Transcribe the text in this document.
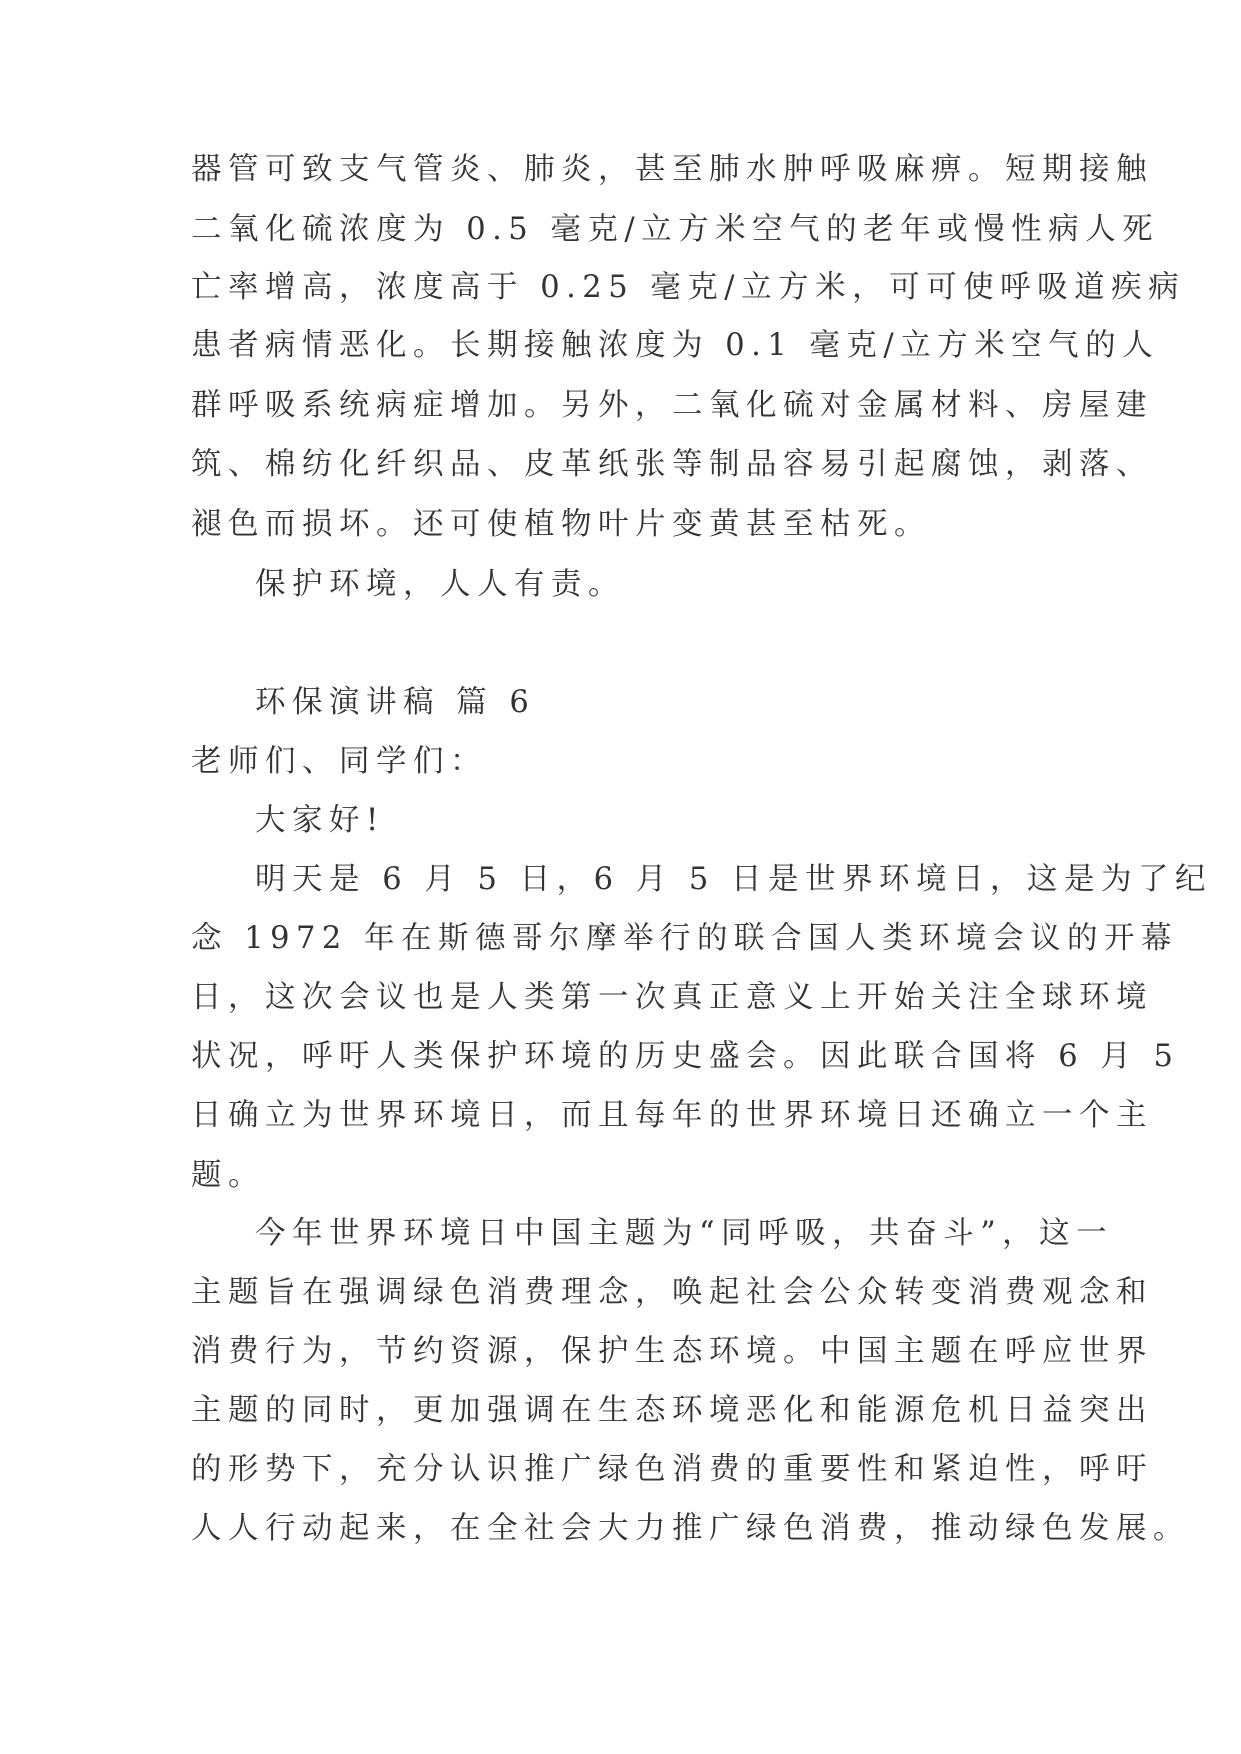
器管可致支气管炎、肺炎，甚至肺水肿呼吸麻痹。短期接触
二氧化硫浓度为 0.5 毫克/立方米空气的老年或慢性病人死
亡率增高，浓度高于 0.25 毫克/立方米，可可使呼吸道疾病
患者病情恶化。长期接触浓度为 0.1 毫克/立方米空气的人
群呼吸系统病症增加。另外，二氧化硫对金属材料、房屋建
筑、棉纺化纤织品、皮革纸张等制品容易引起腐蚀，剥落、
褪色而损坏。还可使植物叶片变黄甚至枯死。
保护环境，人人有责。
环保演讲稿 篇 6
老师们、同学们：
大家好!
明天是 6 月 5 日，6 月 5 日是世界环境日，这是为了纪
念 1972 年在斯德哥尔摩举行的联合国人类环境会议的开幕
日，这次会议也是人类第一次真正意义上开始关注全球环境
状况，呼吁人类保护环境的历史盛会。因此联合国将 6 月 5
日确立为世界环境日，而且每年的世界环境日还确立一个主
题。
今年世界环境日中国主题为“同呼吸，共奋斗”，这一
主题旨在强调绿色消费理念，唤起社会公众转变消费观念和
消费行为，节约资源，保护生态环境。中国主题在呼应世界
主题的同时，更加强调在生态环境恶化和能源危机日益突出
的形势下，充分认识推广绿色消费的重要性和紧迫性，呼吁
人人行动起来，在全社会大力推广绿色消费，推动绿色发展。
